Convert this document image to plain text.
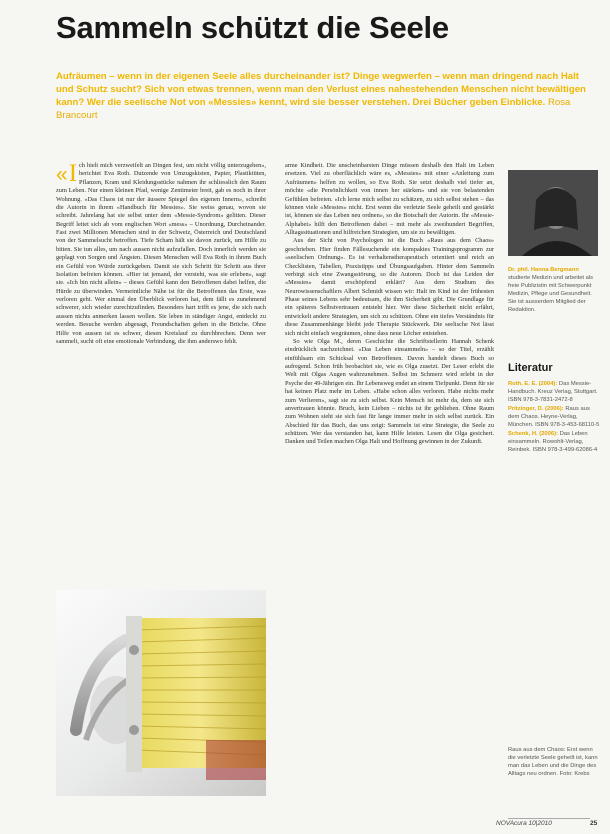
Sammeln schützt die Seele

Aufräumen – wenn in der eigenen Seele alles durcheinander ist? Dinge wegwerfen – wenn man dringend nach Halt und Schutz sucht? Sich von etwas trennen, wenn man den Verlust eines nahestehenden Menschen nicht bewältigen kann? Wer die seelische Not von «Messies» kennt, wird sie besser verstehen. Drei Bücher geben Einblicke. Rosa Brancourt

« I ch hielt mich verzweifelt an Dingen fest, um nicht völlig unterzugehen», berichtet Eva Roth. Dutzende von Umzugskisten, Papier, Plastiktüten, Pflanzen, Kram und Kleidungsstücke nahmen ihr schliesslich den Raum zum Leben. Nur einen kleinen Pfad, wenige Zentimeter breit, gab es noch in ihrer Wohnung. «Das Chaos ist nur der äussere Spiegel des eigenen Innern», schreibt die Autorin in ihrem «Handbuch für Messies». Sie weiss genau, wovon sie schreibt. Jahrelang hat sie selbst unter dem «Messie-Syndrom» gelitten. Dieser Begriff leitet sich ab vom englischen Wort «mess» – Unordnung, Durcheinander. Fast zwei Millionen Menschen sind in der Schweiz, Österreich und Deutschland von der Sammelsucht betroffen. Tiefe Scham hält sie davon zurück, um Hilfe zu bitten. Sie tun alles, um nach aussen nicht aufzufallen. Doch innerlich werden sie geplagt von Sorgen und Ängsten. Diesen Menschen will Eva Roth in ihrem Buch ein Gefühl von Würde zurückgeben. Damit sie sich Schritt für Schritt aus ihrer Isolation befreien können. «Hier ist jemand, der versteht, was sie erleben», sagt sie. «Ich bin nicht allein» – dieses Gefühl kann den Betroffenen dabei helfen, die Hürde zu überwinden. Vermeintliche Nähe ist für die Betroffenen das Erste, was verloren geht. Wer einmal den Überblick verloren hat, dem fällt es zunehmend schwerer, sich wieder zurechtzufinden. Besonders hart trifft es jene, die sich nach aussen nichts anmerken lassen wollen. Sie leben in ständiger Angst, entdeckt zu werden. Besuche werden abgesagt, Freundschaften gehen in die Brüche. Ohne Hilfe von aussen ist es schwer, diesen Kreislauf zu durchbrechen. Denn wer sammelt, sucht oft eine emotionale Verbindung, die ihm anderswo fehlt.

arme Kindheit. Die unscheinbarsten Dinge müssen deshalb den Halt im Leben ersetzen. Viel zu oberflächlich wäre es, «Messies» mit einer «Anleitung zum Aufräumen» helfen zu wollen, so Eva Roth. Sie setzt deshalb viel tiefer an, möchte «die Persönlichkeit von innen her stärken» und sie von belastenden Gefühlen befreien. «Ich lerne mich selbst zu schätzen, zu sich selbst stehen – das können viele «Messies» nicht. Erst wenn die verletzte Seele geheilt und gestärkt ist, können sie das Leben neu ordnen», so die Botschaft der Autorin. Ihr «Messie-Alphabet» hilft den Betroffenen dabei – mit mehr als zweihundert Begriffen, Alltagssituationen und hilfreichen Strategien, um sie zu bewältigen.

Aus der Sicht von Psychologen ist die Buch «Raus aus dem Chaos» geschrieben. Hier finden Fällesuchende ein kompaktes Trainingsprogramm zur «seelischen Ordnung». Es ist verhaltenstherapeutisch orientiert und reich an Checklisten, Tabellen, Praxistipps und Übungsaufgaben. Hinter dem Sammeln verbirgt sich eine Zwangsstörung, so die Autoren. Doch ist das Leiden der «Messies» damit erschöpfend erklärt? Aus dem Studium des Neurowissenschaftlers Albert Schmidt wissen wir: Halt im Kind ist der frühesten Phase seines Lebens sehr bedeutsam, die ihm Sicherheit gibt. Die Grundlage für ein späteres Selbstvertrauen entsteht hier. Wer diese Sicherheit nicht erfährt, entwickelt andere Strategien, um sich zu schützen. Ohne ein tiefes Verständnis für diese Zusammenhänge bleibt jede Therapie Stückwerk. Die seelische Not lässt sich nicht einfach wegräumen, ohne dass neue Löcher entstehen.

So wie Olga M., deren Geschichte die Schriftstellerin Hannah Schenk eindrücklich nachzeichnet. «Das Leben einsammeln» – so der Titel, erzählt einfühlsam ein Schicksal von Betroffenen. Davon handelt dieses Buch so aufregend. Schon früh beobachtet sie, wie es Olga zusetzt. Der Leser erlebt die Welt mit Olgas Augen wahrzunehmen. Selbst im Schmerz wird erlebt in der Psyche der 49-Jährigen ein. Ihr Lebensweg endet an einem Tiefpunkt. Denn für sie hat keinen Platz mehr im Leben. «Habe schon alles verloren. Habe nichts mehr zum Verlieren», sagt sie zu sich selbst. Kein Mensch ist mehr da, dem sie sich anvertrauen könnte. Bruch, kein Lieben – nichts ist ihr geblieben. Ohne Raum zum Wohnen sieht sie sich fast für lange immer mehr in sich selbst zurück. Ein Abschied für das Buch, das uns zeigt: Sammeln ist eine Strategie, die Seele zu schützen. Wer das verstanden hat, kann Hilfe leisten. Lesen die Olga gesichert. Danken und Teilen machen Olga Halt und Hoffnung gewinnen in der Zukunft.

Dr. phil. Hanna Bergmann studierte Medizin und arbeitet als freie Publizistin mit Schwerpunkt Medizin, Pflege und Gesundheit. Sie ist ausserdem Mitglied der Redaktion.

Literatur

Roth, E. E. (2004): Das Messie-Handbuch. Kreuz Verlag, Stuttgart. ISBN 978-3-7831-2472-8

Pritzinger, D. (2006): Raus aus dem Chaos. Heyne-Verlag, München. ISBN 978-3-453-68110-5

Schenk, H. (2006): Das Leben einsammeln. Rowohlt-Verlag, Reinbek. ISBN 978-3-499-62086-4

Raus aus dem Chaos: Erst wenn die verletzte Seele geheilt ist, kann man das Leben und die Dinge des Alltags neu ordnen. Foto: Krebs

NOVAcura 10|2010	25
